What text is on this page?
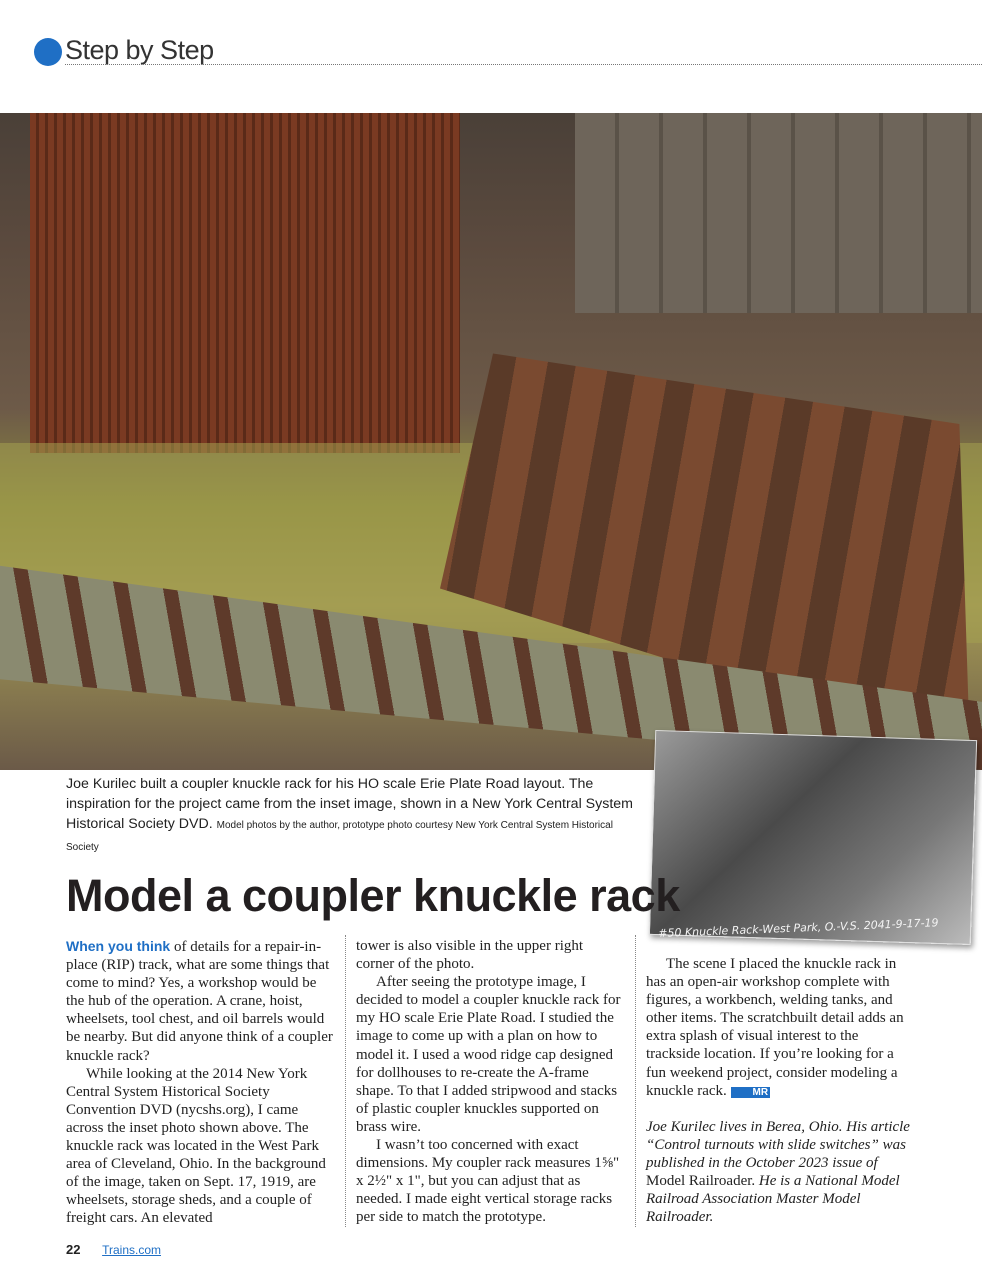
Step by Step
#50 Knuckle Rack-West Park, O.-V.S. 2041-9-17-19
Joe Kurilec built a coupler knuckle rack for his HO scale Erie Plate Road layout. The inspiration for the project came from the inset image, shown in a New York Central System Historical Society DVD. Model photos by the author, prototype photo courtesy New York Central System Historical Society
Model a coupler knuckle rack

When you think of details for a repair-in-place (RIP) track, what are some things that come to mind? Yes, a workshop would be the hub of the operation. A crane, hoist, wheelsets, tool chest, and oil barrels would be nearby. But did anyone think of a coupler knuckle rack?

While looking at the 2014 New York Central System Historical Society Convention DVD (nycshs.org), I came across the inset photo shown above. The knuckle rack was located in the West Park area of Cleveland, Ohio. In the background of the image, taken on Sept. 17, 1919, are wheelsets, storage sheds, and a couple of freight cars. An elevated

tower is also visible in the upper right corner of the photo.

After seeing the prototype image, I decided to model a coupler knuckle rack for my HO scale Erie Plate Road. I studied the image to come up with a plan on how to model it. I used a wood ridge cap designed for dollhouses to re-create the A-frame shape. To that I added stripwood and stacks of plastic coupler knuckles supported on brass wire.

I wasn’t too concerned with exact dimensions. My coupler rack measures 1⅝" x 2½" x 1", but you can adjust that as needed. I made eight vertical storage racks per side to match the prototype.

The scene I placed the knuckle rack in has an open-air workshop complete with figures, a workbench, welding tanks, and other items. The scratchbuilt detail adds an extra splash of visual interest to the trackside location. If you’re looking for a fun weekend project, consider modeling a knuckle rack.	MR

Joe Kurilec lives in Berea, Ohio. His article “Control turnouts with slide switches” was published in the October 2023 issue of Model Railroader. He is a National Model Railroad Association Master Model Railroader.

22 Trains.com
